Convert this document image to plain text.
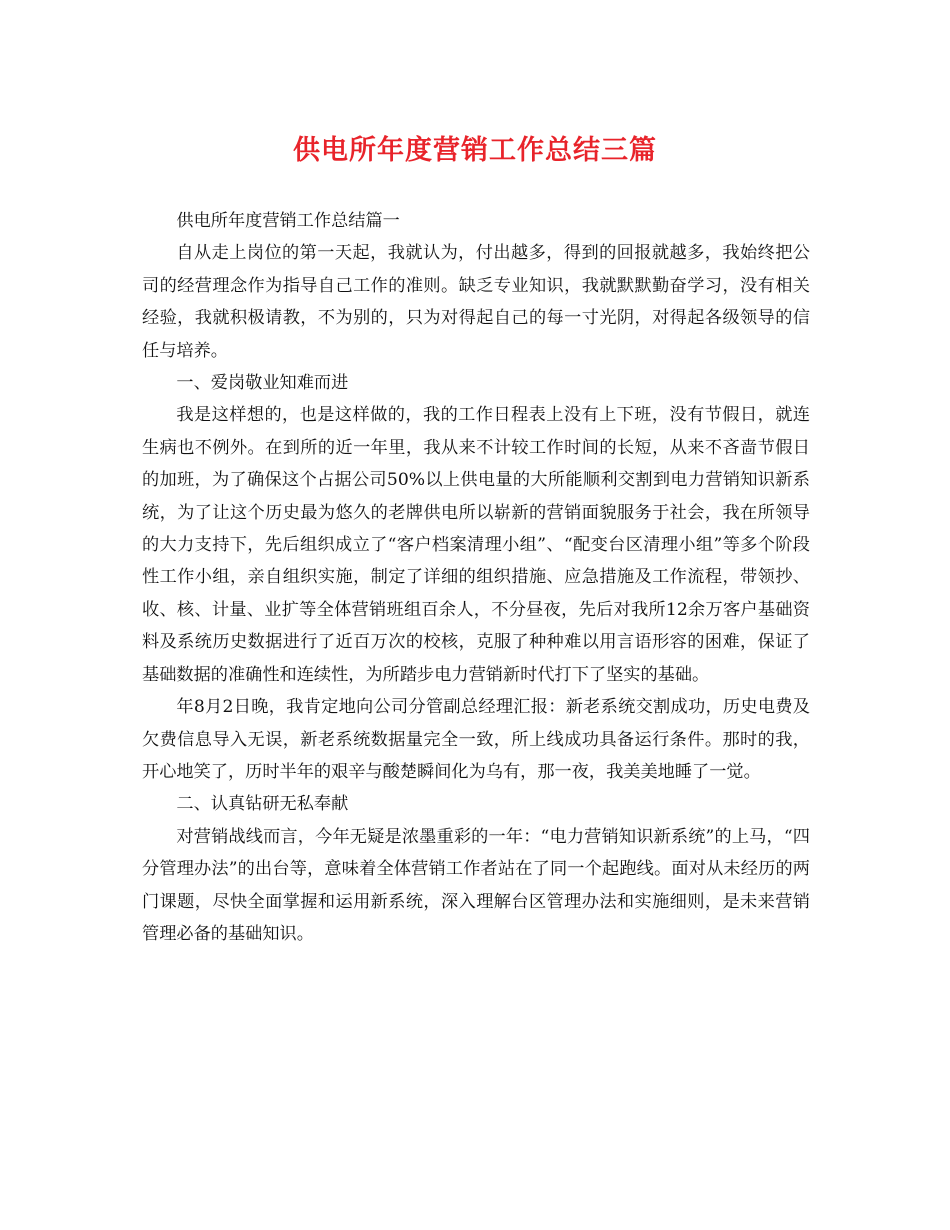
供电所年度营销工作总结三篇

供电所年度营销工作总结篇一

自从走上岗位的第一天起，我就认为，付出越多，得到的回报就越多，我始终把公司的经营理念作为指导自己工作的准则。缺乏专业知识，我就默默勤奋学习，没有相关经验，我就积极请教，不为别的，只为对得起自己的每一寸光阴，对得起各级领导的信任与培养。

一、爱岗敬业知难而进

我是这样想的，也是这样做的，我的工作日程表上没有上下班，没有节假日，就连生病也不例外。在到所的近一年里，我从来不计较工作时间的长短，从来不吝啬节假日的加班，为了确保这个占据公司50%以上供电量的大所能顺利交割到电力营销知识新系统，为了让这个历史最为悠久的老牌供电所以崭新的营销面貌服务于社会，我在所领导的大力支持下，先后组织成立了“客户档案清理小组”、“配变台区清理小组”等多个阶段性工作小组，亲自组织实施，制定了详细的组织措施、应急措施及工作流程，带领抄、收、核、计量、业扩等全体营销班组百余人，不分昼夜，先后对我所12余万客户基础资料及系统历史数据进行了近百万次的校核，克服了种种难以用言语形容的困难，保证了基础数据的准确性和连续性，为所踏步电力营销新时代打下了坚实的基础。

年8月2日晚，我肯定地向公司分管副总经理汇报：新老系统交割成功，历史电费及欠费信息导入无误，新老系统数据量完全一致，所上线成功具备运行条件。那时的我，开心地笑了，历时半年的艰辛与酸楚瞬间化为乌有，那一夜，我美美地睡了一觉。

二、认真钻研无私奉献

对营销战线而言，今年无疑是浓墨重彩的一年：“电力营销知识新系统”的上马，“四分管理办法”的出台等，意味着全体营销工作者站在了同一个起跑线。面对从未经历的两门课题，尽快全面掌握和运用新系统，深入理解台区管理办法和实施细则，是未来营销管理必备的基础知识。
